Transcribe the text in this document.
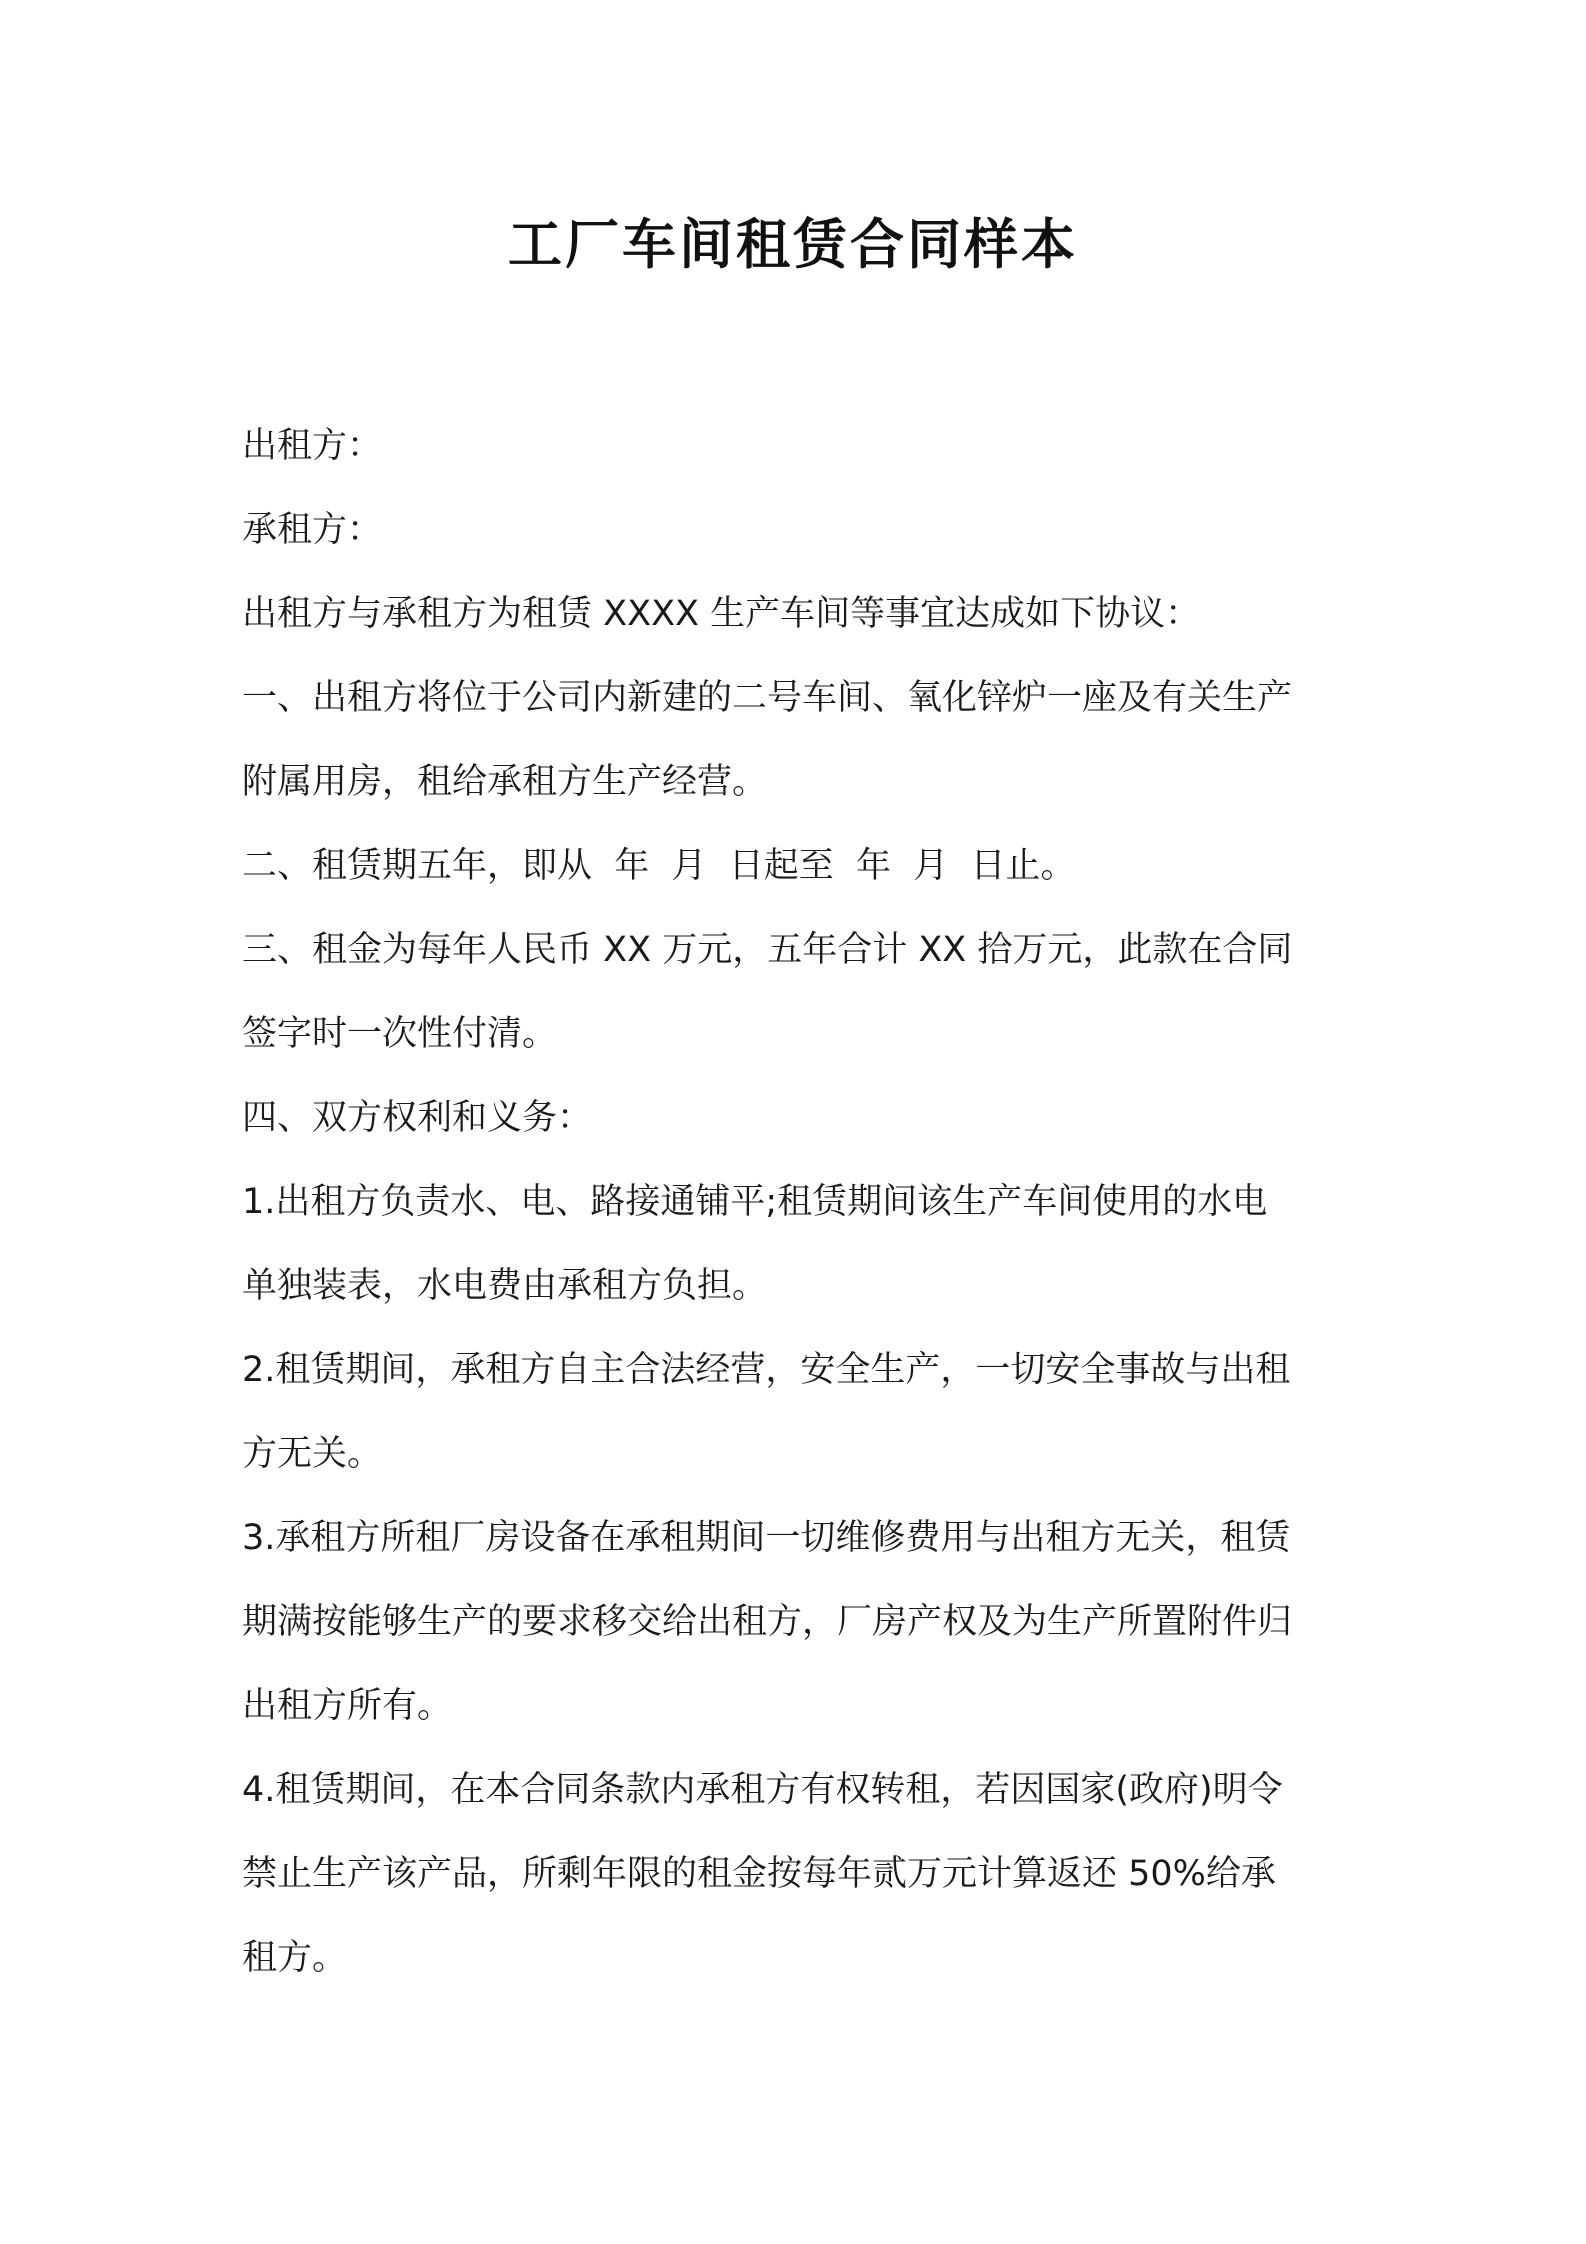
工厂车间租赁合同样本
出租方：
承租方：
出租方与承租方为租赁 XXXX 生产车间等事宜达成如下协议：
一、出租方将位于公司内新建的二号车间、氧化锌炉一座及有关生产
附属用房，租给承租方生产经营。
二、租赁期五年，即从  年  月  日起至  年  月  日止。
三、租金为每年人民币 XX 万元，五年合计 XX 拾万元，此款在合同
签字时一次性付清。
四、双方权利和义务：
1.出租方负责水、电、路接通铺平;租赁期间该生产车间使用的水电
单独装表，水电费由承租方负担。
2.租赁期间，承租方自主合法经营，安全生产，一切安全事故与出租
方无关。
3.承租方所租厂房设备在承租期间一切维修费用与出租方无关，租赁
期满按能够生产的要求移交给出租方，厂房产权及为生产所置附件归
出租方所有。
4.租赁期间，在本合同条款内承租方有权转租，若因国家(政府)明令
禁止生产该产品，所剩年限的租金按每年贰万元计算返还 50%给承
租方。
